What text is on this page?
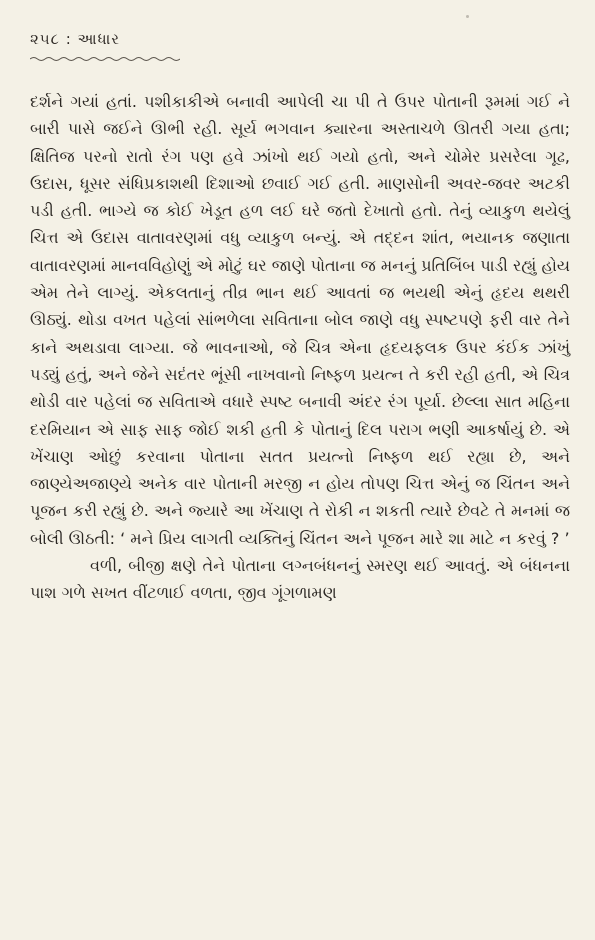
૨૫૮ : આધાર

દર્શને ગયાં હતાં. પશીકાકીએ બનાવી આપેલી ચા પી તે ઉપર પોતાની રૂમમાં ગઈ ને બારી પાસે જઈને ઊભી રહી. સૂર્ય ભગવાન ક્યારના અસ્તાચળે ઊતરી ગયા હતા; ક્ષિતિજ પરનો રાતો રંગ પણ હવે ઝાંખો થઈ ગયો હતો, અને ચોમેર પ્રસરેલા ગૂઢ, ઉદાસ, ધૂસર સંધિપ્રકાશથી દિશાઓ છવાઈ ગઈ હતી. માણસોની અવર-જવર અટકી પડી હતી. ભાગ્યે જ કોઈ ખેડૂત હળ લઈ ઘરે જતો દેખાતો હતો. તેનું વ્યાકુળ થયેલું ચિત્ત એ ઉદાસ વાતાવરણમાં વધુ વ્યાકુળ બન્યું. એ તદ્દન શાંત, ભયાનક જણાતા વાતાવરણમાં માનવવિહોણું એ મોટું ઘર જાણે પોતાના જ મનનું પ્રતિબિંબ પાડી રહ્યું હોય એમ તેને લાગ્યું. એકલતાનું તીવ્ર ભાન થઈ આવતાં જ ભયથી એનું હૃદય થથરી ઊઠ્યું. થોડા વખત પહેલાં સાંભળેલા સવિતાના બોલ જાણે વધુ સ્પષ્ટપણે ફરી વાર તેને કાને અથડાવા લાગ્યા. જે ભાવનાઓ, જે ચિત્ર એના હૃદયફલક ઉપર કંઈક ઝાંખું પડ્યું હતું, અને જેને સદંતર ભૂંસી નાખવાનો નિષ્ફળ પ્રયત્ન તે કરી રહી હતી, એ ચિત્ર થોડી વાર પહેલાં જ સવિતાએ વધારે સ્પષ્ટ બનાવી અંદર રંગ પૂર્યા. છેલ્લા સાત મહિના દરમિયાન એ સાફ સાફ જોઈ શકી હતી કે પોતાનું દિલ પરાગ ભણી આકર્ષાયું છે. એ ખેંચાણ ઓછું કરવાના પોતાના સતત પ્રયત્નો નિષ્ફળ થઈ રહ્યા છે, અને જાણ્યેઅજાણ્યે અનેક વાર પોતાની મરજી ન હોય તોપણ ચિત્ત એનું જ ચિંતન અને પૂજન કરી રહ્યું છે. અને જ્યારે આ ખેંચાણ તે રોકી ન શકતી ત્યારે છેવટે તે મનમાં જ બોલી ઊઠતી: ‘ મને પ્રિય લાગતી વ્યક્તિનું ચિંતન અને પૂજન મારે શા માટે ન કરવું ? ’

વળી, બીજી ક્ષણે તેને પોતાના લગ્નબંધનનું સ્મરણ થઈ આવતું. એ બંધનના પાશ ગળે સખત વીંટળાઈ વળતા, જીવ ગૂંગળામણ
